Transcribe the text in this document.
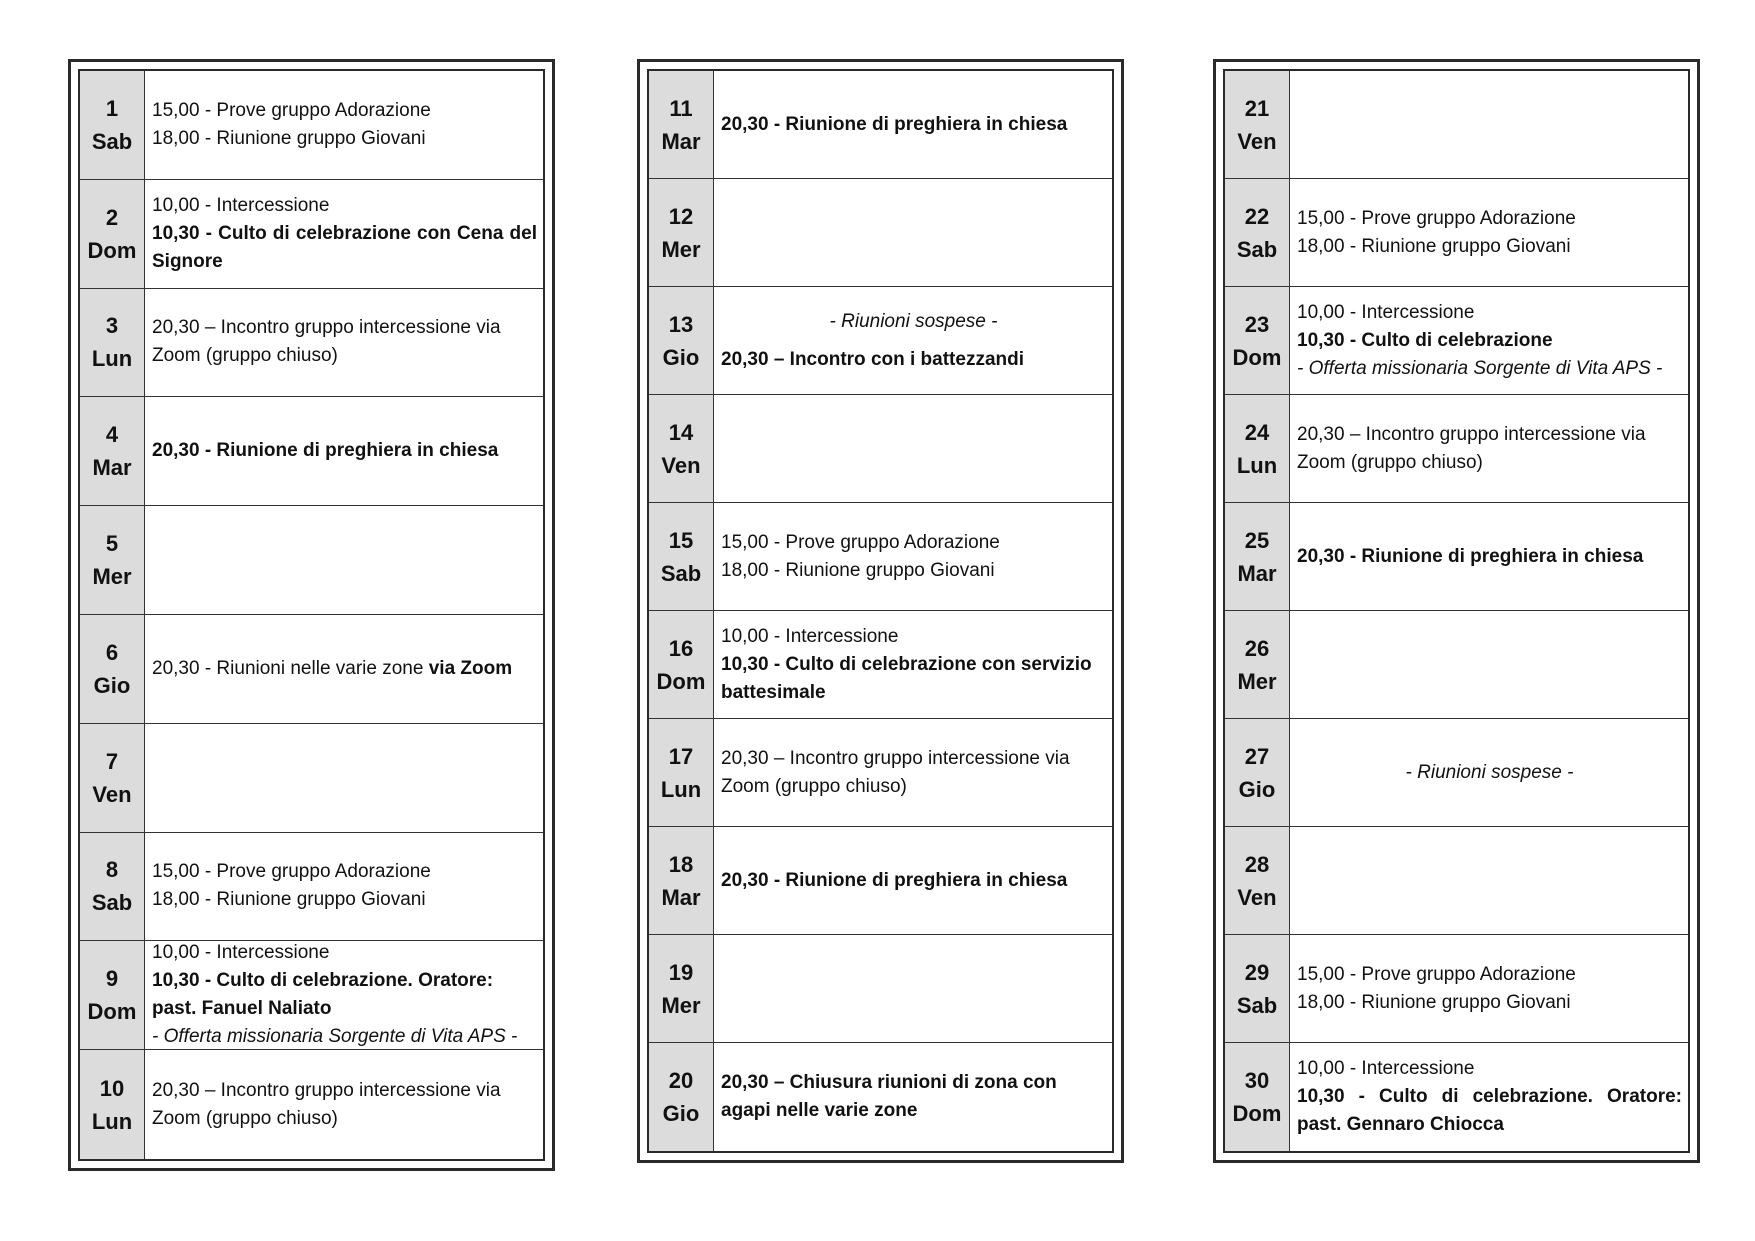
1
Sab
15,00 - Prove gruppo Adorazione
18,00 - Riunione gruppo Giovani
2
Dom
10,00 - Intercessione
10,30 - Culto di celebrazione con Cena del Signore
3
Lun
20,30 – Incontro gruppo intercessione via Zoom (gruppo chiuso)
4
Mar
20,30 - Riunione di preghiera in chiesa
5
Mer
6
Gio
20,30 - Riunioni nelle varie zone via Zoom
7
Ven
8
Sab
15,00 - Prove gruppo Adorazione
18,00 - Riunione gruppo Giovani
9
Dom
10,00 - Intercessione
10,30 - Culto di celebrazione. Oratore: past. Fanuel Naliato
- Offerta missionaria Sorgente di Vita APS -
10
Lun
20,30 – Incontro gruppo intercessione via Zoom (gruppo chiuso)
11
Mar
20,30 - Riunione di preghiera in chiesa
12
Mer
13
Gio
- Riunioni sospese -
20,30 – Incontro con i battezzandi
14
Ven
15
Sab
15,00 - Prove gruppo Adorazione
18,00 - Riunione gruppo Giovani
16
Dom
10,00 - Intercessione
10,30 - Culto di celebrazione con servizio battesimale
17
Lun
20,30 – Incontro gruppo intercessione via Zoom (gruppo chiuso)
18
Mar
20,30 - Riunione di preghiera in chiesa
19
Mer
20
Gio
20,30 – Chiusura riunioni di zona con agapi nelle varie zone
21
Ven
22
Sab
15,00 - Prove gruppo Adorazione
18,00 - Riunione gruppo Giovani
23
Dom
10,00 - Intercessione
10,30 - Culto di celebrazione
- Offerta missionaria Sorgente di Vita APS -
24
Lun
20,30 – Incontro gruppo intercessione via Zoom (gruppo chiuso)
25
Mar
20,30 - Riunione di preghiera in chiesa
26
Mer
27
Gio
- Riunioni sospese -
28
Ven
29
Sab
15,00 - Prove gruppo Adorazione
18,00 - Riunione gruppo Giovani
30
Dom
10,00 - Intercessione
10,30 - Culto di celebrazione. Oratore: past. Gennaro Chiocca
